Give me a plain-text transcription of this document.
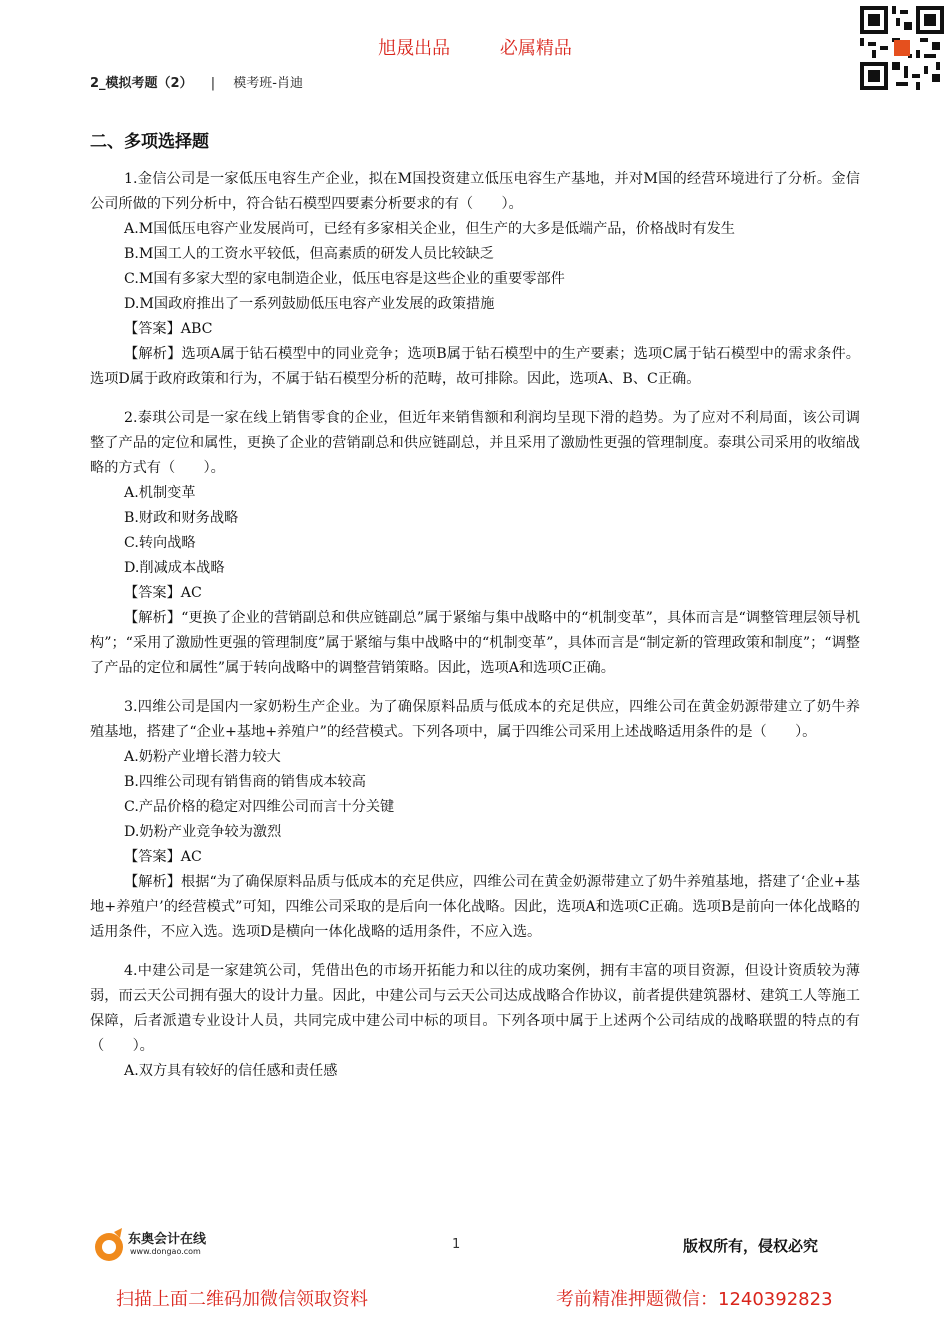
旭晟出品	必属精品
2_模拟考题（2） | 模考班-肖迪
二、多项选择题

1.金信公司是一家低压电容生产企业，拟在M国投资建立低压电容生产基地，并对M国的经营环境进行了分析。金信公司所做的下列分析中，符合钻石模型四要素分析要求的有（　　）。

A.M国低压电容产业发展尚可，已经有多家相关企业，但生产的大多是低端产品，价格战时有发生

B.M国工人的工资水平较低，但高素质的研发人员比较缺乏

C.M国有多家大型的家电制造企业，低压电容是这些企业的重要零部件

D.M国政府推出了一系列鼓励低压电容产业发展的政策措施

【答案】ABC

【解析】选项A属于钻石模型中的同业竞争；选项B属于钻石模型中的生产要素；选项C属于钻石模型中的需求条件。选项D属于政府政策和行为，不属于钻石模型分析的范畴，故可排除。因此，选项A、B、C正确。

2.泰琪公司是一家在线上销售零食的企业，但近年来销售额和利润均呈现下滑的趋势。为了应对不利局面，该公司调整了产品的定位和属性，更换了企业的营销副总和供应链副总，并且采用了激励性更强的管理制度。泰琪公司采用的收缩战略的方式有（　　）。

A.机制变革

B.财政和财务战略

C.转向战略

D.削减成本战略

【答案】AC

【解析】“更换了企业的营销副总和供应链副总”属于紧缩与集中战略中的“机制变革”，具体而言是“调整管理层领导机构”；“采用了激励性更强的管理制度”属于紧缩与集中战略中的“机制变革”，具体而言是“制定新的管理政策和制度”；“调整了产品的定位和属性”属于转向战略中的调整营销策略。因此，选项A和选项C正确。

3.四维公司是国内一家奶粉生产企业。为了确保原料品质与低成本的充足供应，四维公司在黄金奶源带建立了奶牛养殖基地，搭建了“企业+基地+养殖户”的经营模式。下列各项中，属于四维公司采用上述战略适用条件的是（　　）。

A.奶粉产业增长潜力较大

B.四维公司现有销售商的销售成本较高

C.产品价格的稳定对四维公司而言十分关键

D.奶粉产业竞争较为激烈

【答案】AC

【解析】根据“为了确保原料品质与低成本的充足供应，四维公司在黄金奶源带建立了奶牛养殖基地，搭建了‘企业+基地+养殖户’的经营模式”可知，四维公司采取的是后向一体化战略。因此，选项A和选项C正确。选项B是前向一体化战略的适用条件，不应入选。选项D是横向一体化战略的适用条件，不应入选。

4.中建公司是一家建筑公司，凭借出色的市场开拓能力和以往的成功案例，拥有丰富的项目资源，但设计资质较为薄弱，而云天公司拥有强大的设计力量。因此，中建公司与云天公司达成战略合作协议，前者提供建筑器材、建筑工人等施工保障，后者派遣专业设计人员，共同完成中建公司中标的项目。下列各项中属于上述两个公司结成的战略联盟的特点的有（　　）。

A.双方具有较好的信任感和责任感

东奥会计在线
www.dongao.com	1	版权所有，侵权必究
扫描上面二维码加微信领取资料	考前精准押题微信：1240392823
